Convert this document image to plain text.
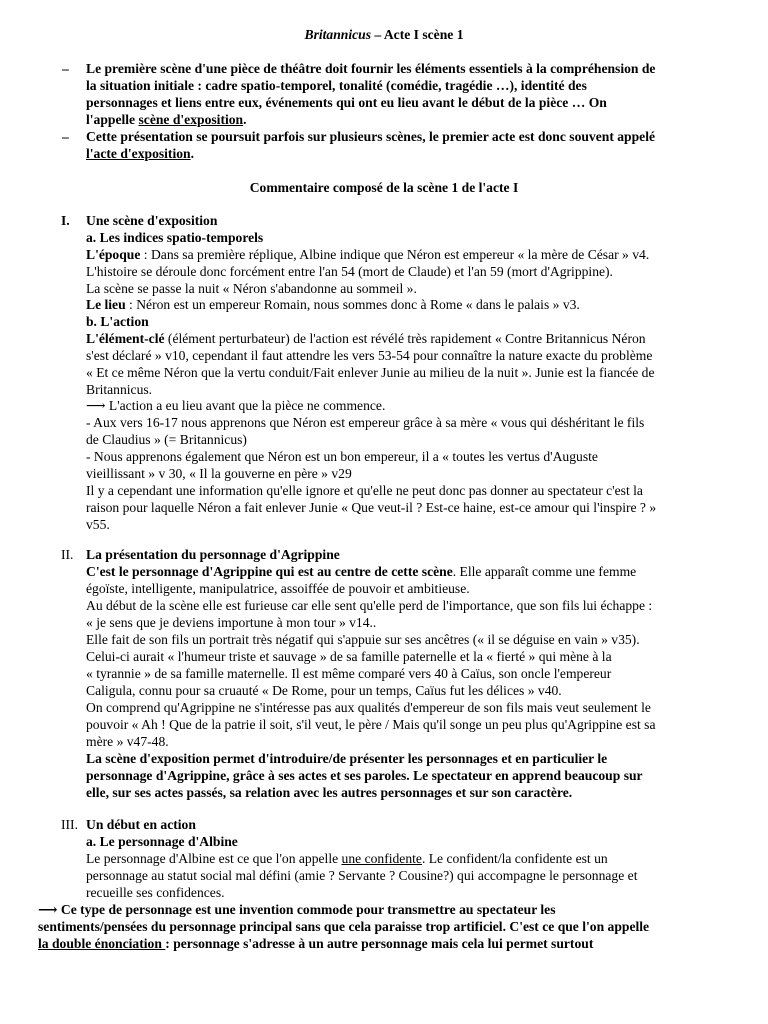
Britannicus – Acte I scène 1
– Le première scène d'une pièce de théâtre doit fournir les éléments essentiels à la compréhension de
la situation initiale : cadre spatio-temporel, tonalité (comédie, tragédie …), identité des
personnages et liens entre eux, événements qui ont eu lieu avant le début de la pièce … On
l'appelle scène d'exposition.
– Cette présentation se poursuit parfois sur plusieurs scènes, le premier acte est donc souvent appelé
l'acte d'exposition.
Commentaire composé de la scène 1 de l'acte I
I. Une scène d'exposition
a. Les indices spatio-temporels
L'époque : Dans sa première réplique, Albine indique que Néron est empereur « la mère de César » v4.
L'histoire se déroule donc forcément entre l'an 54 (mort de Claude) et l'an 59 (mort d'Agrippine).
La scène se passe la nuit « Néron s'abandonne au sommeil ».
Le lieu : Néron est un empereur Romain, nous sommes donc à Rome « dans le palais » v3.
b. L'action
L'élément-clé (élément perturbateur) de l'action est révélé très rapidement « Contre Britannicus Néron
s'est déclaré » v10, cependant il faut attendre les vers 53-54 pour connaître la nature exacte du problème
« Et ce même Néron que la vertu conduit/Fait enlever Junie au milieu de la nuit ». Junie est la fiancée de
Britannicus.
⟶ L'action a eu lieu avant que la pièce ne commence.
- Aux vers 16-17 nous apprenons que Néron est empereur grâce à sa mère « vous qui déshéritant le fils
de Claudius » (= Britannicus)
- Nous apprenons également que Néron est un bon empereur, il a « toutes les vertus d'Auguste
vieillissant » v 30, « Il la gouverne en père » v29
Il y a cependant une information qu'elle ignore et qu'elle ne peut donc pas donner au spectateur c'est la
raison pour laquelle Néron a fait enlever Junie « Que veut-il ? Est-ce haine, est-ce amour qui l'inspire ? »
v55.
II. La présentation du personnage d'Agrippine
C'est le personnage d'Agrippine qui est au centre de cette scène. Elle apparaît comme une femme
égoïste, intelligente, manipulatrice, assoiffée de pouvoir et ambitieuse.
Au début de la scène elle est furieuse car elle sent qu'elle perd de l'importance, que son fils lui échappe :
« je sens que je deviens importune à mon tour » v14..
Elle fait de son fils un portrait très négatif qui s'appuie sur ses ancêtres (« il se déguise en vain » v35).
Celui-ci aurait « l'humeur triste et sauvage » de sa famille paternelle et la « fierté » qui mène à la
« tyrannie » de sa famille maternelle. Il est même comparé vers 40 à Caïus, son oncle l'empereur
Caligula, connu pour sa cruauté « De Rome, pour un temps, Caïus fut les délices » v40.
On comprend qu'Agrippine ne s'intéresse pas aux qualités d'empereur de son fils mais veut seulement le
pouvoir « Ah ! Que de la patrie il soit, s'il veut, le père / Mais qu'il songe un peu plus qu'Agrippine est sa
mère » v47-48.
La scène d'exposition permet d'introduire/de présenter les personnages et en particulier le
personnage d'Agrippine, grâce à ses actes et ses paroles. Le spectateur en apprend beaucoup sur
elle, sur ses actes passés, sa relation avec les autres personnages et sur son caractère.
III. Un début en action
a. Le personnage d'Albine
Le personnage d'Albine est ce que l'on appelle une confidente. Le confident/la confidente est un
personnage au statut social mal défini (amie ? Servante ? Cousine?) qui accompagne le personnage et
recueille ses confidences.
⟶ Ce type de personnage est une invention commode pour transmettre au spectateur les
sentiments/pensées du personnage principal sans que cela paraisse trop artificiel. C'est ce que l'on appelle
la double énonciation : personnage s'adresse à un autre personnage mais cela lui permet surtout
